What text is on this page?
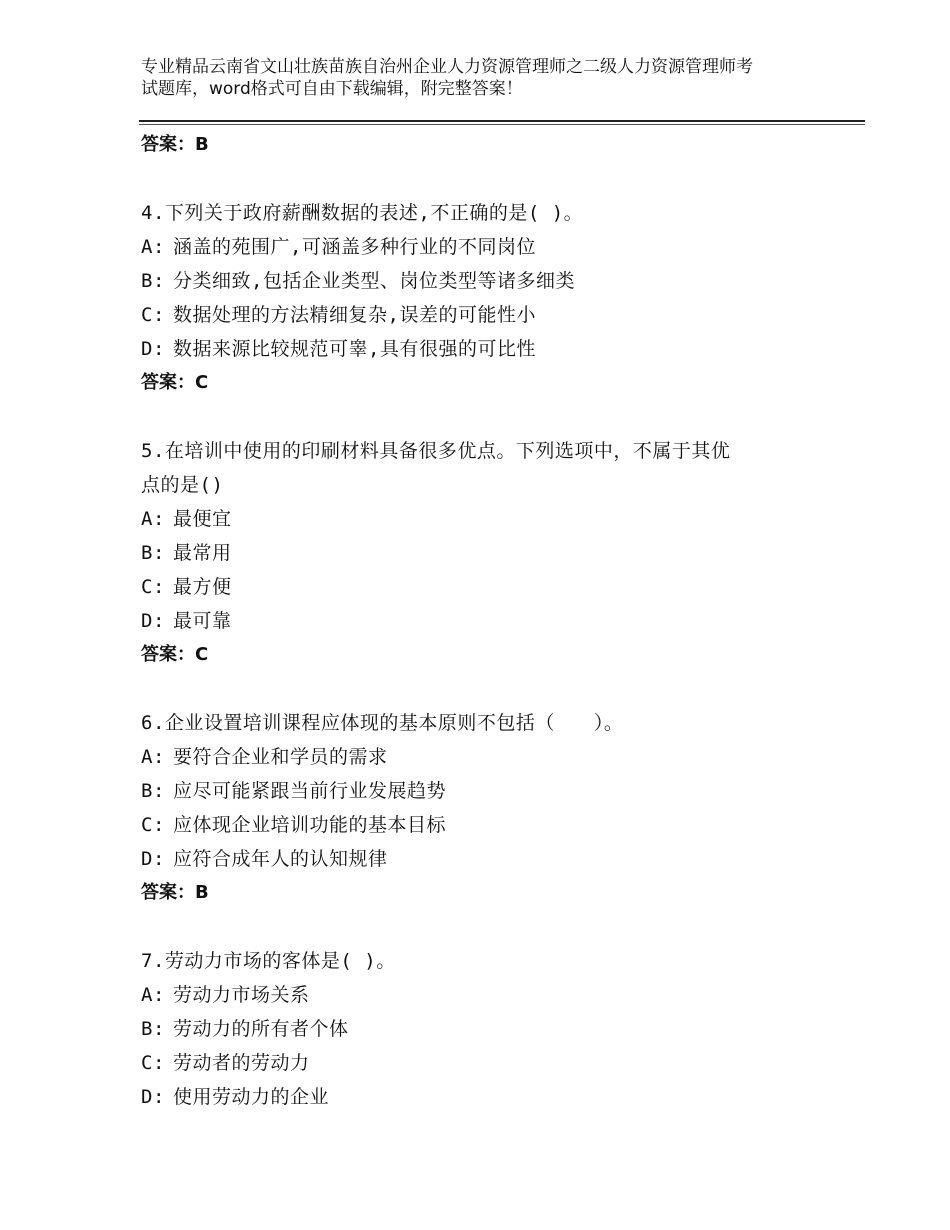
专业精品云南省文山壮族苗族自治州企业人力资源管理师之二级人力资源管理师考
试题库，word格式可自由下载编辑，附完整答案！
答案：B
4.下列关于政府薪酬数据的表述,不正确的是( )。
A: 涵盖的苑围广,可涵盖多种行业的不同岗位
B: 分类细致,包括企业类型、岗位类型等诸多细类
C: 数据处理的方法精细复杂,误差的可能性小
D: 数据来源比较规范可睾,具有很强的可比性
答案：C
5.在培训中使用的印刷材料具备很多优点。下列选项中，不属于其优
点的是()
A: 最便宜
B: 最常用
C: 最方便
D: 最可靠
答案：C
6.企业设置培训课程应体现的基本原则不包括（　　）。
A: 要符合企业和学员的需求
B: 应尽可能紧跟当前行业发展趋势
C: 应体现企业培训功能的基本目标
D: 应符合成年人的认知规律
答案：B
7.劳动力市场的客体是( )。
A: 劳动力市场关系
B: 劳动力的所有者个体
C: 劳动者的劳动力
D: 使用劳动力的企业
